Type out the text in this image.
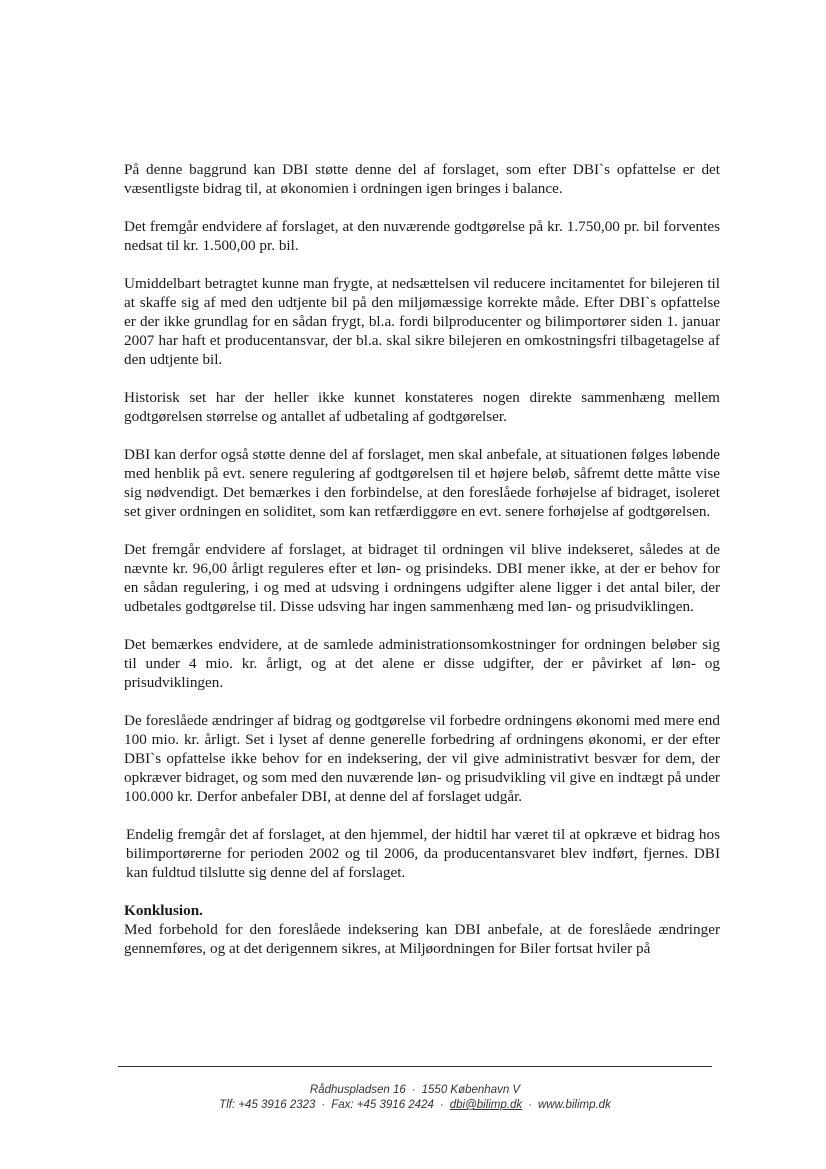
På denne baggrund kan DBI støtte denne del af forslaget, som efter DBI`s opfattelse er det væsentligste bidrag til, at økonomien i ordningen igen bringes i balance.

Det fremgår endvidere af forslaget, at den nuværende godtgørelse på kr. 1.750,00 pr. bil forventes nedsat til kr. 1.500,00 pr. bil.

Umiddelbart betragtet kunne man frygte, at nedsættelsen vil reducere incitamentet for bilejeren til at skaffe sig af med den udtjente bil på den miljømæssige korrekte måde. Efter DBI`s opfattelse er der ikke grundlag for en sådan frygt, bl.a. fordi bilproducenter og bilimportører siden 1. januar 2007 har haft et producentansvar, der bl.a. skal sikre bilejeren en omkostningsfri tilbagetagelse af den udtjente bil.

Historisk set har der heller ikke kunnet konstateres nogen direkte sammenhæng mellem godtgørelsen størrelse og antallet af udbetaling af godtgørelser.

DBI kan derfor også støtte denne del af forslaget, men skal anbefale, at situationen følges løbende med henblik på evt. senere regulering af godtgørelsen til et højere beløb, såfremt dette måtte vise sig nødvendigt. Det bemærkes i den forbindelse, at den foreslåede forhøjelse af bidraget, isoleret set giver ordningen en soliditet, som kan retfærdiggøre en evt. senere forhøjelse af godtgørelsen.

Det fremgår endvidere af forslaget, at bidraget til ordningen vil blive indekseret, således at de nævnte kr. 96,00 årligt reguleres efter et løn- og prisindeks. DBI mener ikke, at der er behov for en sådan regulering, i og med at udsving i ordningens udgifter alene ligger i det antal biler, der udbetales godtgørelse til. Disse udsving har ingen sammenhæng med løn- og prisudviklingen.

Det bemærkes endvidere, at de samlede administrationsomkostninger for ordningen beløber sig til under 4 mio. kr. årligt, og at det alene er disse udgifter, der er påvirket af løn- og prisudviklingen.

De foreslåede ændringer af bidrag og godtgørelse vil forbedre ordningens økonomi med mere end 100 mio. kr. årligt. Set i lyset af denne generelle forbedring af ordningens økonomi, er der efter DBI`s opfattelse ikke behov for en indeksering, der vil give administrativt besvær for dem, der opkræver bidraget, og som med den nuværende løn- og prisudvikling vil give en indtægt på under 100.000 kr. Derfor anbefaler DBI, at denne del af forslaget udgår.

Endelig fremgår det af forslaget, at den hjemmel, der hidtil har været til at opkræve et bidrag hos bilimportørerne for perioden 2002 og til 2006, da producentansvaret blev indført, fjernes. DBI kan fuldtud tilslutte sig denne del af forslaget.

Konklusion.
Med forbehold for den foreslåede indeksering kan DBI anbefale, at de foreslåede ændringer gennemføres, og at det derigennem sikres, at Miljøordningen for Biler fortsat hviler på
Rådhuspladsen 16 · 1550 København V
Tlf: +45 3916 2323 · Fax: +45 3916 2424 · dbi@bilimp.dk · www.bilimp.dk
